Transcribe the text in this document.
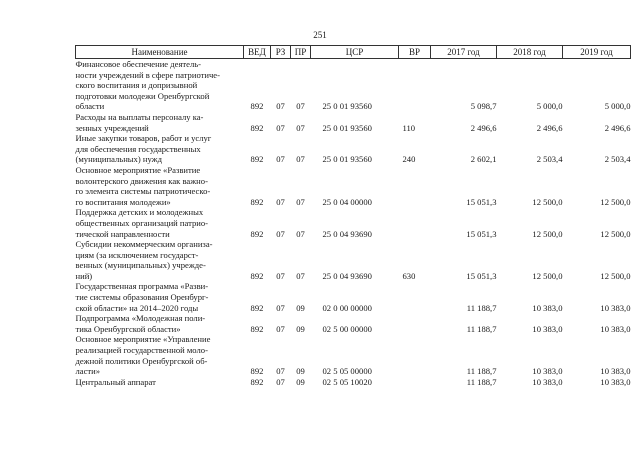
251
Наименование	ВЕД	РЗ	ПР	ЦСР	ВР	2017 год	2018 год	2019 год

Финансовое обеспечение деятель-
ности учреждений в сфере патриотиче-
ского воспитания и допризывной
подготовки молодежи Оренбургской
области	892	07	07	25 0 01 93560		5 098,7	5 000,0	5 000,0

Расходы на выплаты персоналу ка-
зенных учреждений	892	07	07	25 0 01 93560	110	2 496,6	2 496,6	2 496,6

Иные закупки товаров, работ и услуг
для обеспечения государственных
(муниципальных) нужд	892	07	07	25 0 01 93560	240	2 602,1	2 503,4	2 503,4

Основное мероприятие «Развитие
волонтерского движения как важно-
го элемента системы патриотическо-
го воспитания молодежи»	892	07	07	25 0 04 00000		15 051,3	12 500,0	12 500,0

Поддержка детских и молодежных
общественных организаций патрио-
тической направленности	892	07	07	25 0 04 93690		15 051,3	12 500,0	12 500,0

Субсидии некоммерческим организа-
циям (за исключением государст-
венных (муниципальных) учрежде-
ний)	892	07	07	25 0 04 93690	630	15 051,3	12 500,0	12 500,0

Государственная программа «Разви-
тие системы образования Оренбург-
ской области» на 2014–2020 годы	892	07	09	02 0 00 00000		11 188,7	10 383,0	10 383,0

Подпрограмма «Молодежная поли-
тика Оренбургской области»	892	07	09	02 5 00 00000		11 188,7	10 383,0	10 383,0

Основное мероприятие «Управление
реализацией государственной моло-
дежной политики Оренбургской об-
ласти»	892	07	09	02 5 05 00000		11 188,7	10 383,0	10 383,0

Центральный аппарат	892	07	09	02 5 05 10020		11 188,7	10 383,0	10 383,0
